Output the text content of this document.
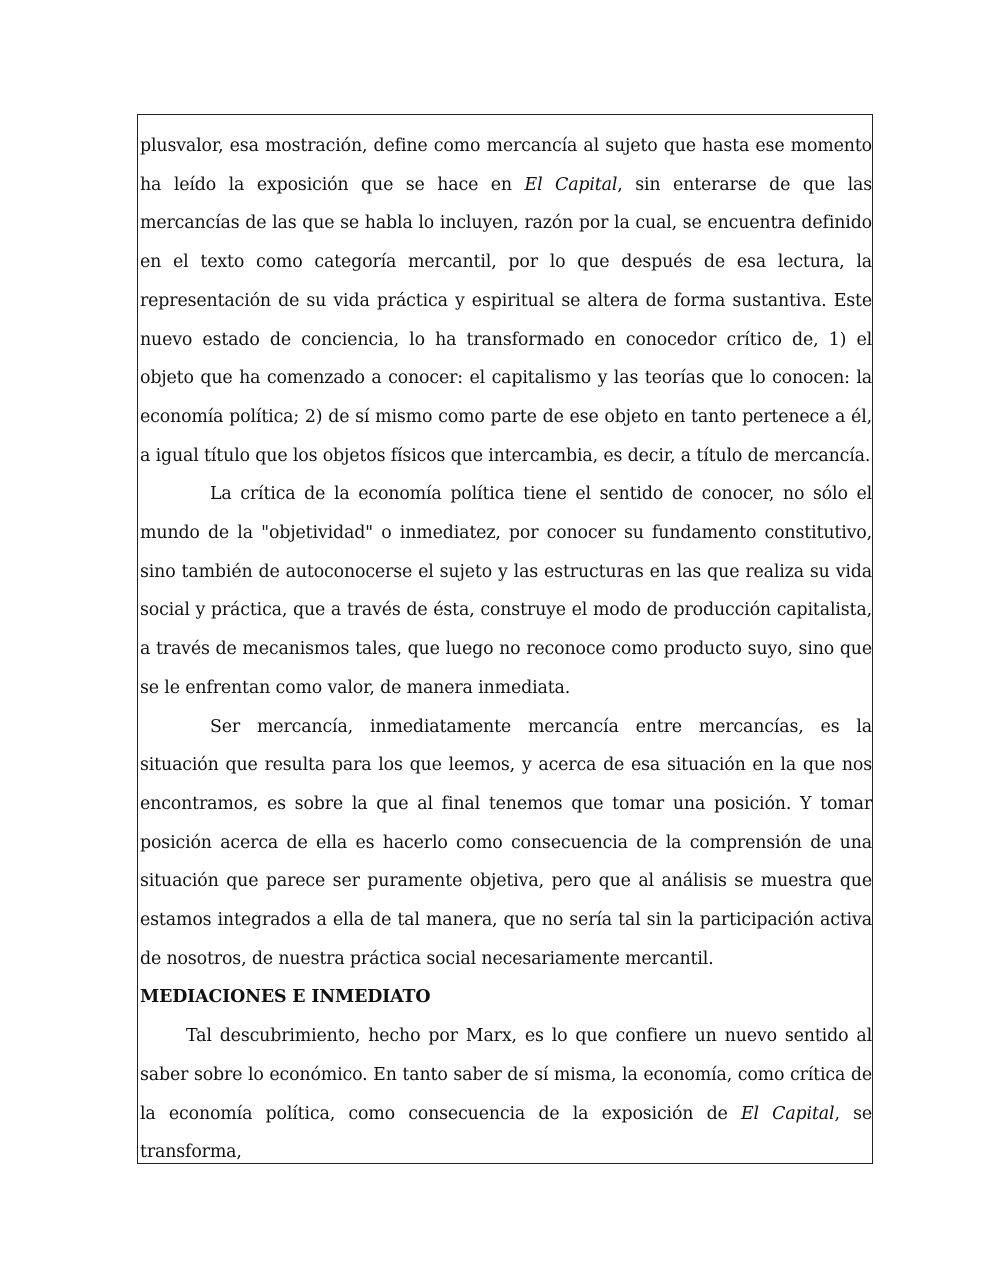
plusvalor, esa mostración, define como mercancía al sujeto que hasta ese momento ha leído la exposición que se hace en El Capital, sin enterarse de que las mercancías de las que se habla lo incluyen, razón por la cual, se encuentra definido en el texto como categoría mercantil, por lo que después de esa lectura, la representación de su vida práctica y espiritual se altera de forma sustantiva. Este nuevo estado de conciencia, lo ha transformado en conocedor crítico de, 1) el objeto que ha comenzado a conocer: el capitalismo y las teorías que lo conocen: la economía política; 2) de sí mismo como parte de ese objeto en tanto pertenece a él, a igual título que los objetos físicos que intercambia, es decir, a título de mercancía.

La crítica de la economía política tiene el sentido de conocer, no sólo el mundo de la "objetividad" o inmediatez, por conocer su fundamento constitutivo, sino también de autoconocerse el sujeto y las estructuras en las que realiza su vida social y práctica, que a través de ésta, construye el modo de producción capitalista, a través de mecanismos tales, que luego no reconoce como producto suyo, sino que se le enfrentan como valor, de manera inmediata.

Ser mercancía, inmediatamente mercancía entre mercancías, es la situación que resulta para los que leemos, y acerca de esa situación en la que nos encontramos, es sobre la que al final tenemos que tomar una posición. Y tomar posición acerca de ella es hacerlo como consecuencia de la comprensión de una situación que parece ser puramente objetiva, pero que al análisis se muestra que estamos integrados a ella de tal manera, que no sería tal sin la participación activa de nosotros, de nuestra práctica social necesariamente mercantil.

MEDIACIONES E INMEDIATO

Tal descubrimiento, hecho por Marx, es lo que confiere un nuevo sentido al saber sobre lo económico. En tanto saber de sí misma, la economía, como crítica de la economía política, como consecuencia de la exposición de El Capital, se transforma,
